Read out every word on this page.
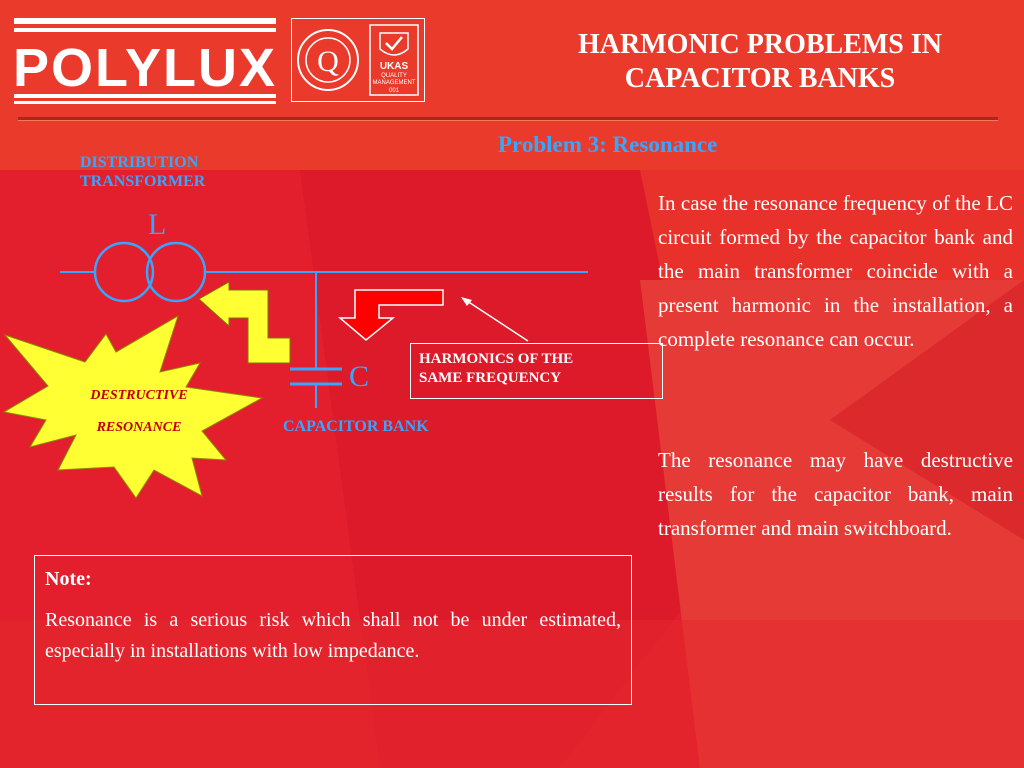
POLYLUX Q	UKAS
QUALITY
MANAGEMENT
001
HARMONIC PROBLEMS IN
CAPACITOR BANKS
Problem 3: Resonance
DISTRIBUTION
TRANSFORMER
L
C
CAPACITOR BANK
HARMONICS OF THE
SAME FREQUENCY
DESTRUCTIVE
RESONANCE
In case the resonance frequency of the LC circuit formed by the capacitor bank and the main transformer coincide with a present harmonic in the installation, a complete resonance can occur.
The resonance may have destructive results for the capacitor bank, main transformer and main switchboard.
Note:
Resonance is a serious risk which shall not be under estimated, especially in installations with low impedance.
